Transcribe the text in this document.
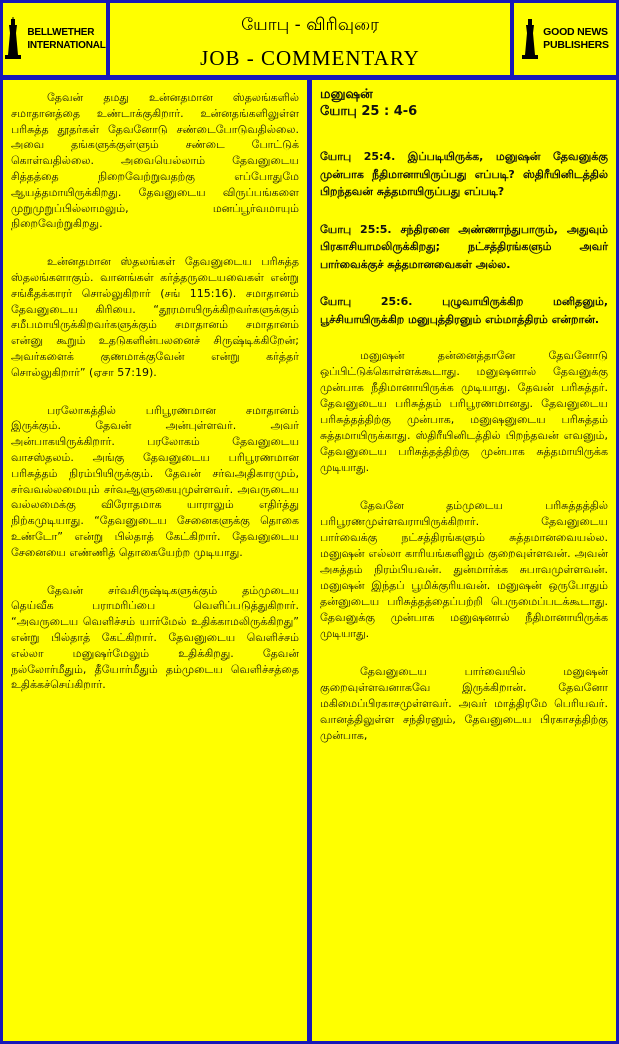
BELLWETHER
INTERNATIONAL
யோபு - விரிவுரை
JOB - COMMENTARY
GOOD NEWS
PUBLISHERS

தேவன் தமது உன்னதமான ஸ்தலங்களில் சமாதானத்தை உண்டாக்குகிறார். உன்னதங்களிலுள்ள பரிசுத்த தூதர்கள் தேவனோடு சண்டைபோடுவதில்லை. அவை தங்களுக்குள்ளும் சண்டை போட்டுக் கொள்வதில்லை. அவையெல்லாம் தேவனுடைய சித்தத்தை நிறைவேற்றுவதற்கு எப்போதுமே ஆயத்தமாயிருக்கிறது. தேவனுடைய விருப்பங்களை முறுமுறுப்பில்லாமலும், மனப்பூர்வமாயும் நிறைவேற்றுகிறது.

உன்னதமான ஸ்தலங்கள் தேவனுடைய பரிசுத்த ஸ்தலங்களாகும். வானங்கள் கர்த்தருடையவைகள் என்று சங்கீதக்காரர் சொல்லுகிறார் (சங் 115:16). சமாதானம் தேவனுடைய கிரியை. “தூரமாயிருக்கிறவர்களுக்கும் சமீபமாயிருக்கிறவர்களுக்கும் சமாதானம் சமாதானம் என்னு கூறும் உதடுகளின்பலனைச் சிருஷ்டிக்கிறேன்; அவர்களைக் குணமாக்குவேன் என்று கர்த்தர் சொல்லுகிறார்” (ஏசா 57:19).

பரலோகத்தில் பரிபூரணமான சமாதானம் இருக்கும். தேவன் அன்புள்ளவர். அவர் அன்பாகயிருக்கிறார். பரலோகம் தேவனுடைய வாசஸ்தலம். அங்கு தேவனுடைய பரிபூரணமான பரிசுத்தம் நிரம்பியிருக்கும். தேவன் சர்வஅதிகாரமும், சர்வவல்லமையும் சர்வஆளுகையுமுள்ளவர். அவருடைய வல்லமைக்கு விரோதமாக யாராலும் எதிர்த்து நிற்கமுடியாது. “தேவனுடைய சேனைகளுக்கு தொகை உண்டோ” என்று பில்தாத் கேட்கிறார். தேவனுடைய சேனையை எண்ணித் தொகையேற்ற முடியாது.

தேவன் சர்வசிருஷ்டிகளுக்கும் தம்முடைய தெய்வீக பராமரிப்பை வெளிப்படுத்துகிறார். “அவருடைய வெளிச்சம் யார்மேல் உதிக்காமலிருக்கிறது” என்று பில்தாத் கேட்கிறார். தேவனுடைய வெளிச்சம் எல்லா மனுஷர்மேலும் உதிக்கிறது. தேவன் நல்லோர்மீதும், தீயோர்மீதும் தம்முடைய வெளிச்சத்தை உதிக்கச்செய்கிறார்.

மனுஷன்
யோபு 25 : 4-6

யோபு 25:4. இப்படியிருக்க, மனுஷன் தேவனுக்கு முன்பாக நீதிமானாயிருப்பது எப்படி? ஸ்திரீயினிடத்தில் பிறந்தவன் சுத்தமாயிருப்பது எப்படி?

யோபு 25:5. சந்திரனை அண்ணாந்துபாரும், அதுவும் பிரகாசியாமலிருக்கிறது; நட்சத்திரங்களும் அவர் பார்வைக்குச் சுத்தமானவைகள் அல்ல.

யோபு 25:6. புழுவாயிருக்கிற மனிதனும், பூச்சியாயிருக்கிற மனுபுத்திரனும் எம்மாத்திரம் என்றான்.

மனுஷன் தன்னைத்தானே தேவனோடு ஒப்பிட்டுக்கொள்ளக்கூடாது. மனுஷனால் தேவனுக்கு முன்பாக நீதிமானாயிருக்க முடியாது. தேவன் பரிசுத்தர். தேவனுடைய பரிசுத்தம் பரிபூரணமானது. தேவனுடைய பரிசுத்தத்திற்கு முன்பாக, மனுஷனுடைய பரிசுத்தம் சுத்தமாயிருக்காது. ஸ்திரீயினிடத்தில் பிறந்தவன் எவனும், தேவனுடைய பரிசுத்தத்திற்கு முன்பாக சுத்தமாயிருக்க முடியாது.

தேவனே தம்முடைய பரிசுத்தத்தில் பரிபூரணமுள்ளவராயிருக்கிறார். தேவனுடைய பார்வைக்கு நட்சத்திரங்களும் சுத்தமானவையல்ல. மனுஷன் எல்லா காரியங்களிலும் குறைவுள்ளவன். அவன் அசுத்தம் நிரம்பியவன். துன்மார்க்க சுபாவமுள்ளவன். மனுஷன் இந்தப் பூமிக்குரியவன். மனுஷன் ஒருபோதும் தன்னுடைய பரிசுத்தத்தைப்பற்றி பெருமைப்படக்கூடாது. தேவனுக்கு முன்பாக மனுஷனால் நீதிமானாயிருக்க முடியாது.

தேவனுடைய பார்வையில் மனுஷன் குறைவுள்ளவனாகவே இருக்கிறான். தேவனோ மகிமைப்பிரகாசமுள்ளவர். அவர் மாத்திரமே பெரியவர். வானத்திலுள்ள சந்திரனும், தேவனுடைய பிரகாசத்திற்கு முன்பாக,
